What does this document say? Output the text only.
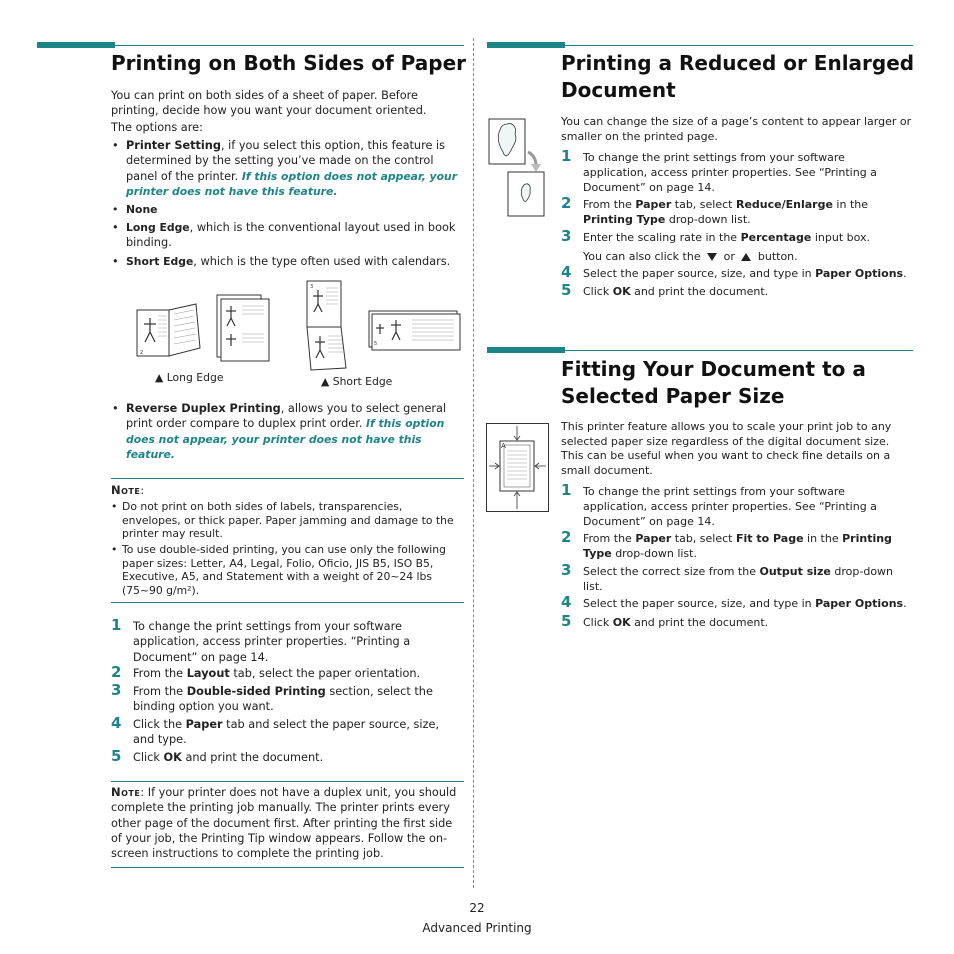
Printing on Both Sides of Paper

You can print on both sides of a sheet of paper. Before printing, decide how you want your document oriented.

The options are:

• Printer Setting, if you select this option, this feature is determined by the setting you’ve made on the control panel of the printer. If this option does not appear, your printer does not have this feature.
• None
• Long Edge, which is the conventional layout used in book binding.
• Short Edge, which is the type often used with calendars.
2
3
5
▲ Long Edge	▲ Short Edge
• Reverse Duplex Printing, allows you to select general print order compare to duplex print order. If this option does not appear, your printer does not have this feature.
Note:
• Do not print on both sides of labels, transparencies, envelopes, or thick paper. Paper jamming and damage to the printer may result.
• To use double-sided printing, you can use only the following paper sizes: Letter, A4, Legal, Folio, Oficio, JIS B5, ISO B5, Executive, A5, and Statement with a weight of 20~24 lbs (75~90 g/m²).
1 To change the print settings from your software application, access printer properties. “Printing a Document” on page 14.
2 From the Layout tab, select the paper orientation.
3 From the Double-sided Printing section, select the binding option you want.
4 Click the Paper tab and select the paper source, size, and type.
5 Click OK and print the document.
Note: If your printer does not have a duplex unit, you should complete the printing job manually. The printer prints every other page of the document first. After printing the first side of your job, the Printing Tip window appears. Follow the on-screen instructions to complete the printing job.
Printing a Reduced or Enlarged
Document

You can change the size of a page’s content to appear larger or smaller on the printed page.

1 To change the print settings from your software application, access printer properties. See “Printing a Document” on page 14.
2 From the Paper tab, select Reduce/Enlarge in the Printing Type drop-down list.
3 Enter the scaling rate in the Percentage input box.
You can also click the or button.
4 Select the paper source, size, and type in Paper Options.
5 Click OK and print the document.
Fitting Your Document to a
Selected Paper Size
A

This printer feature allows you to scale your print job to any selected paper size regardless of the digital document size. This can be useful when you want to check fine details on a small document.

1 To change the print settings from your software application, access printer properties. See “Printing a Document” on page 14.
2 From the Paper tab, select Fit to Page in the Printing Type drop-down list.
3 Select the correct size from the Output size drop-down list.
4 Select the paper source, size, and type in Paper Options.
5 Click OK and print the document.
22
Advanced Printing
